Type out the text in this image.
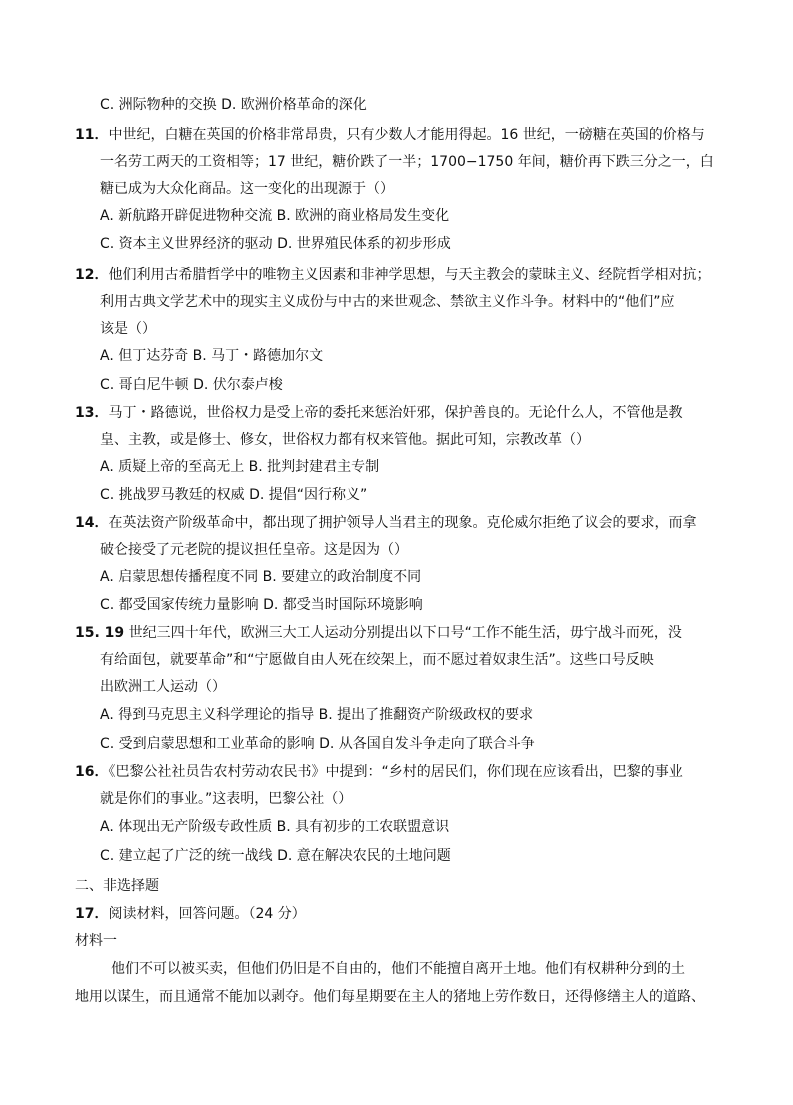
C. 洲际物种的交换 D. 欧洲价格革命的深化
11．中世纪，白糖在英国的价格非常昂贵，只有少数人才能用得起。16 世纪，一磅糖在英国的价格与
一名劳工两天的工资相等；17 世纪，糖价跌了一半；1700−1750 年间，糖价再下跌三分之一，白
糖已成为大众化商品。这一变化的出现源于（）
A. 新航路开辟促进物种交流 B. 欧洲的商业格局发生变化
C. 资本主义世界经济的驱动 D. 世界殖民体系的初步形成
12．他们利用古希腊哲学中的唯物主义因素和非神学思想，与天主教会的蒙昧主义、经院哲学相对抗；
利用古典文学艺术中的现实主义成份与中古的来世观念、禁欲主义作斗争。材料中的“他们”应
该是（）
A. 但丁达芬奇 B. 马丁・路德加尔文
C. 哥白尼牛顿 D. 伏尔泰卢梭
13．马丁・路德说，世俗权力是受上帝的委托来惩治奸邪，保护善良的。无论什么人，不管他是教
皇、主教，或是修士、修女，世俗权力都有权来管他。据此可知，宗教改革（）
A. 质疑上帝的至高无上 B. 批判封建君主专制
C. 挑战罗马教廷的权威 D. 提倡“因行称义”
14．在英法资产阶级革命中，都出现了拥护领导人当君主的现象。克伦威尔拒绝了议会的要求，而拿
破仑接受了元老院的提议担任皇帝。这是因为（）
A. 启蒙思想传播程度不同 B. 要建立的政治制度不同
C. 都受国家传统力量影响 D. 都受当时国际环境影响
15. 19 世纪三四十年代，欧洲三大工人运动分别提出以下口号“工作不能生活，毋宁战斗而死，没
有给面包，就要革命”和“宁愿做自由人死在绞架上，而不愿过着奴隶生活”。这些口号反映
出欧洲工人运动（）
A. 得到马克思主义科学理论的指导 B. 提出了推翻资产阶级政权的要求
C. 受到启蒙思想和工业革命的影响 D. 从各国自发斗争走向了联合斗争
16．《巴黎公社社员告农村劳动农民书》中提到：“乡村的居民们，你们现在应该看出，巴黎的事业
就是你们的事业。”这表明，巴黎公社（）
A. 体现出无产阶级专政性质 B. 具有初步的工农联盟意识
C. 建立起了广泛的统一战线 D. 意在解决农民的土地问题
二、非选择题
17．阅读材料，回答问题。（24 分）
材料一
他们不可以被买卖，但他们仍旧是不自由的，他们不能擅自离开土地。他们有权耕种分到的土
地用以谋生，而且通常不能加以剥夺。他们每星期要在主人的猪地上劳作数日，还得修缮主人的道路、
